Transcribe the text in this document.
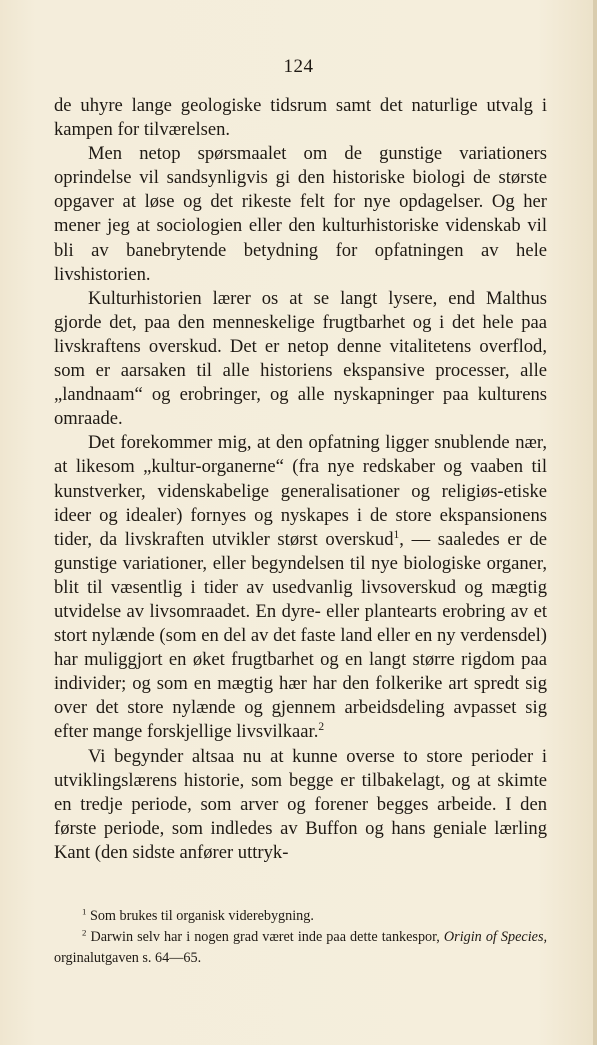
124

de uhyre lange geologiske tidsrum samt det naturlige utvalg i kampen for tilværelsen.

Men netop spørsmaalet om de gunstige variationers oprindelse vil sandsynligvis gi den historiske biologi de største opgaver at løse og det rikeste felt for nye opdagelser. Og her mener jeg at sociologien eller den kulturhistoriske videnskab vil bli av banebrytende betydning for opfatningen av hele livshistorien.

Kulturhistorien lærer os at se langt lysere, end Malthus gjorde det, paa den menneskelige frugtbarhet og i det hele paa livskraftens overskud. Det er netop denne vitalitetens overflod, som er aarsaken til alle historiens ekspansive processer, alle „landnaam“ og erobringer, og alle nyskapninger paa kulturens omraade.

Det forekommer mig, at den opfatning ligger snublende nær, at likesom „kultur-organerne“ (fra nye redskaber og vaaben til kunstverker, videnskabelige generalisationer og religiøs-etiske ideer og idealer) fornyes og nyskapes i de store ekspansionens tider, da livskraften utvikler størst overskud$^1$, — saaledes er de gunstige variationer, eller begyndelsen til nye biologiske organer, blit til væsentlig i tider av usedvanlig livsoverskud og mægtig utvidelse av livsomraadet. En dyre- eller plantearts erobring av et stort nylænde (som en del av det faste land eller en ny verdensdel) har muliggjort en øket frugtbarhet og en langt større rigdom paa individer; og som en mægtig hær har den folkerike art spredt sig over det store nylænde og gjennem arbeidsdeling avpasset sig efter mange forskjellige livsvilkaar.$^2$

Vi begynder altsaa nu at kunne overse to store perioder i utviklingslærens historie, som begge er tilbakelagt, og at skimte en tredje periode, som arver og forener begges arbeide. I den første periode, som indledes av Buffon og hans geniale lærling Kant (den sidste anfører uttryk-

$^1$ Som brukes til organisk viderebygning.

$^2$ Darwin selv har i nogen grad været inde paa dette tankespor, Origin of Species, orginalutgaven s. 64—65.
